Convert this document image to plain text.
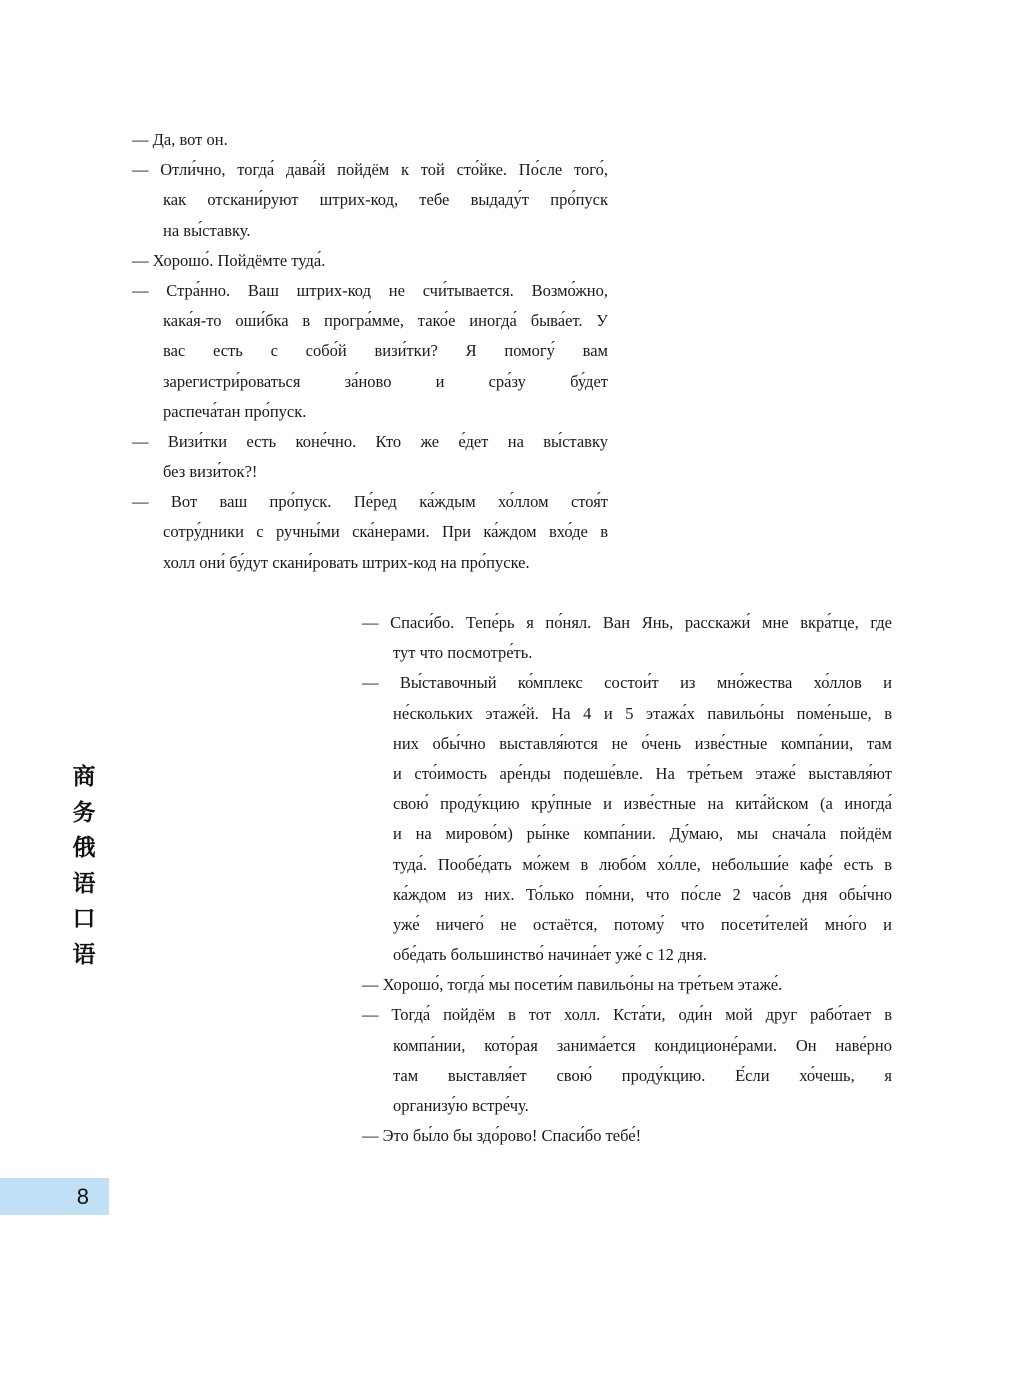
— Да, вот он.
— Отли́чно, тогда́ дава́й пойдём к той сто́йке. По́сле того́,
как отскани́руют штрих-код, тебе выдаду́т про́пуск
на вы́ставку.
— Хорошо́. Пойдёмте туда́.
— Стра́нно. Ваш штрих-код не счи́тывается. Возмо́жно,
кака́я-то оши́бка в програ́мме, тако́е иногда́ быва́ет. У
вас есть с собо́й визи́тки? Я помогу́ вам
зарегистри́роваться за́ново и сра́зу бу́дет
распеча́тан про́пуск.
— Визи́тки есть коне́чно. Кто же е́дет на вы́ставку
без визи́ток?!
— Вот ваш про́пуск. Пе́ред ка́ждым хо́ллом стоя́т
сотру́дники с ручны́ми ска́нерами. При ка́ждом вхо́де в
холл они́ бу́дут скани́ровать штрих-код на про́пуске.
— Спаси́бо. Тепе́рь я по́нял. Ван Янь, расскажи́ мне вкра́тце, где
тут что посмотре́ть.
— Вы́ставочный ко́мплекс состои́т из мно́жества хо́ллов и
не́скольких этаже́й. На 4 и 5 этажа́х павильо́ны поме́ньше, в
них обы́чно выставля́ются не о́чень изве́стные компа́нии, там
и сто́имость аре́нды подеше́вле. На тре́тьем этаже́ выставля́ют
свою́ проду́кцию кру́пные и изве́стные на кита́йском (а иногда́
и на мирово́м) ры́нке компа́нии. Ду́маю, мы снача́ла пойдём
туда́. Пообе́дать мо́жем в любо́м хо́лле, небольши́е кафе́ есть в
ка́ждом из них. То́лько по́мни, что по́сле 2 часо́в дня обы́чно
уже́ ничего́ не остаётся, потому́ что посети́телей мно́го и
обе́дать большинство́ начина́ет уже́ с 12 дня.
— Хорошо́, тогда́ мы посети́м павильо́ны на тре́тьем этаже́.
— Тогда́ пойдём в тот холл. Кста́ти, оди́н мой друг рабо́тает в
компа́нии, кото́рая занима́ется кондиционе́рами. Он наве́рно
там выставля́ет свою́ проду́кцию. Е́сли хо́чешь, я
организу́ю встре́чу.
— Это бы́ло бы здо́рово! Спаси́бо тебе́!
商
务
俄
语
口
语
8
